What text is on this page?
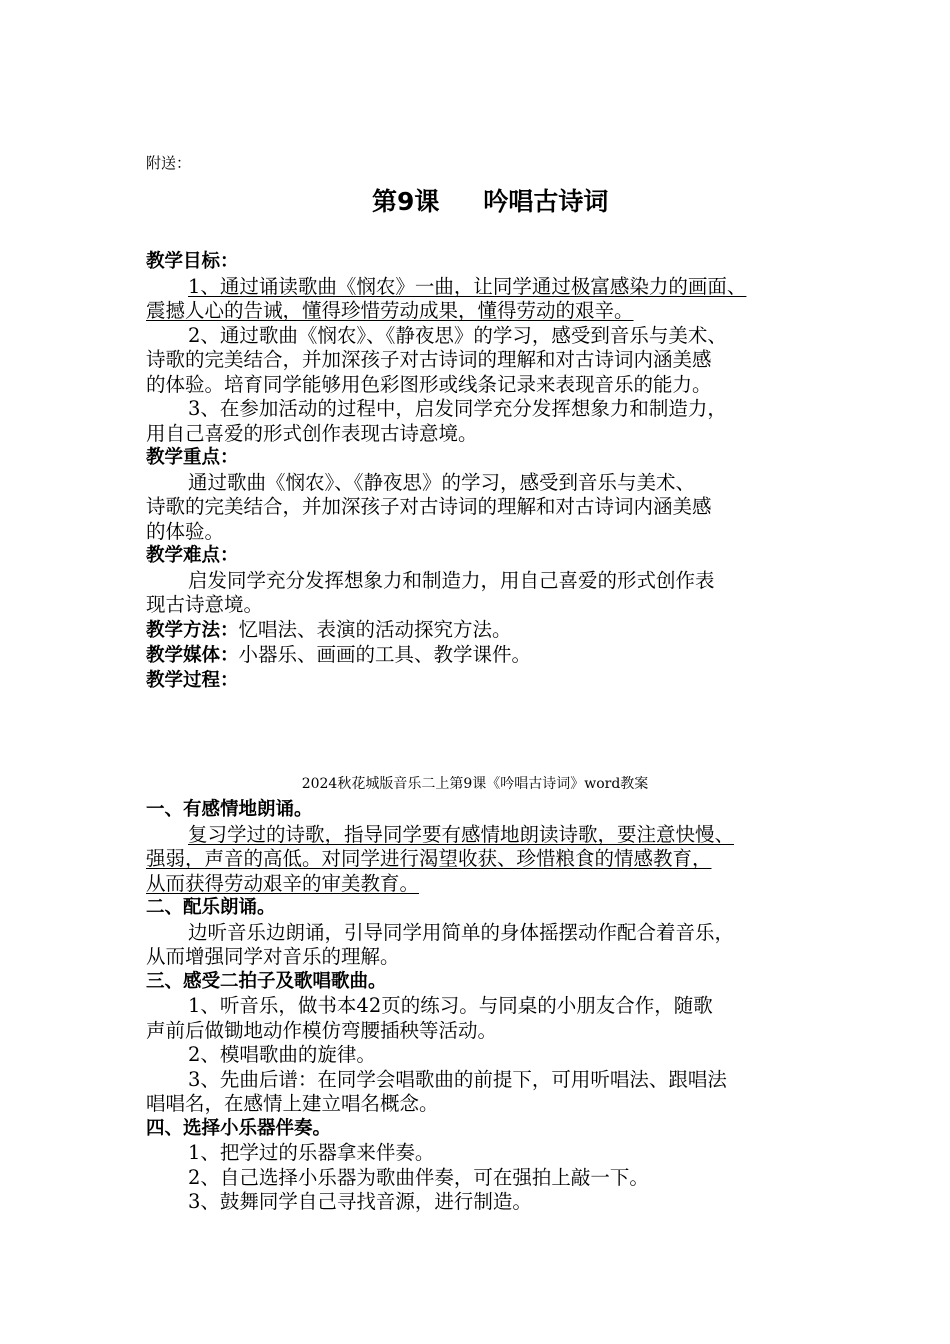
附送：
第9课 吟唱古诗词
教学目标：
1、通过诵读歌曲《悯农》一曲，让同学通过极富感染力的画面、
震撼人心的告诫，懂得珍惜劳动成果，懂得劳动的艰辛。
2、通过歌曲《悯农》、《静夜思》的学习，感受到音乐与美术、
诗歌的完美结合，并加深孩子对古诗词的理解和对古诗词内涵美感
的体验。培育同学能够用色彩图形或线条记录来表现音乐的能力。
3、在参加活动的过程中，启发同学充分发挥想象力和制造力，
用自己喜爱的形式创作表现古诗意境。
教学重点：
通过歌曲《悯农》、《静夜思》的学习，感受到音乐与美术、
诗歌的完美结合，并加深孩子对古诗词的理解和对古诗词内涵美感
的体验。
教学难点：
启发同学充分发挥想象力和制造力，用自己喜爱的形式创作表
现古诗意境。
教学方法：忆唱法、表演的活动探究方法。
教学媒体：小器乐、画画的工具、教学课件。
教学过程：
2024秋花城版音乐二上第9课《吟唱古诗词》word教案
一、有感情地朗诵。
复习学过的诗歌，指导同学要有感情地朗读诗歌，要注意快慢、
强弱，声音的高低。对同学进行渴望收获、珍惜粮食的情感教育，
从而获得劳动艰辛的审美教育。
二、配乐朗诵。
边听音乐边朗诵，引导同学用简单的身体摇摆动作配合着音乐，
从而增强同学对音乐的理解。
三、感受二拍子及歌唱歌曲。
1、听音乐，做书本42页的练习。与同桌的小朋友合作，随歌
声前后做锄地动作模仿弯腰插秧等活动。
2、模唱歌曲的旋律。
3、先曲后谱：在同学会唱歌曲的前提下，可用听唱法、跟唱法
唱唱名，在感情上建立唱名概念。
四、选择小乐器伴奏。
1、把学过的乐器拿来伴奏。
2、自己选择小乐器为歌曲伴奏，可在强拍上敲一下。
3、鼓舞同学自己寻找音源，进行制造。
